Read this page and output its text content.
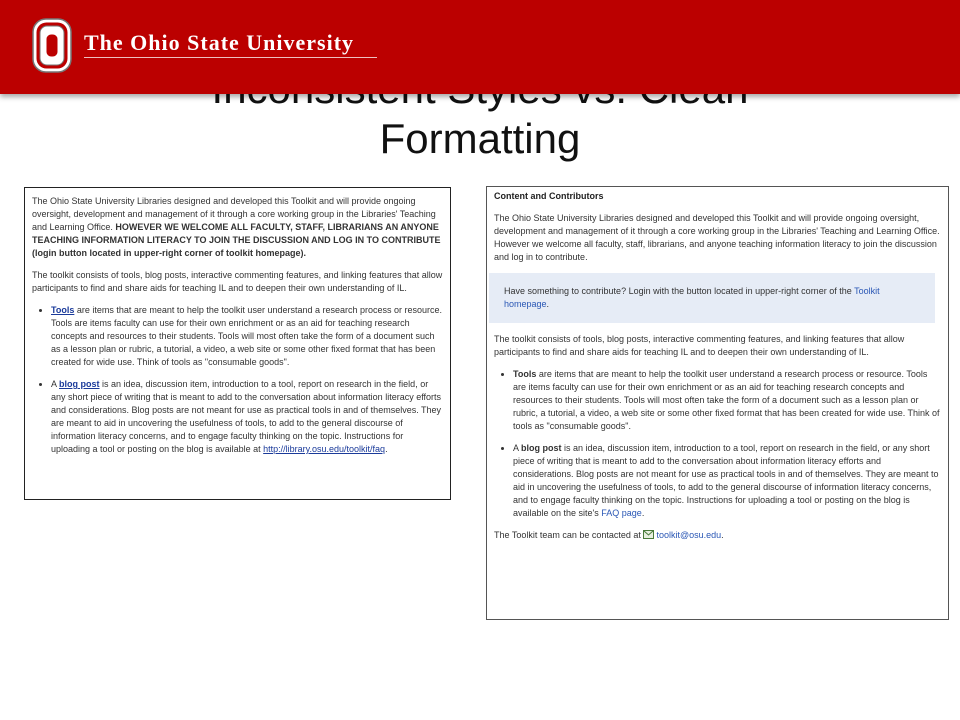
Formatting
The Ohio State University

The Ohio State University Libraries designed and developed this Toolkit and will provide ongoing oversight, development and management of it through a core working group in the Libraries' Teaching and Learning Office. HOWEVER WE WELCOME ALL FACULTY, STAFF, LIBRARIANS AN ANYONE TEACHING INFORMATION LITERACY TO JOIN THE DISCUSSION AND LOG IN TO CONTRIBUTE (login button located in upper-right corner of toolkit homepage).

The toolkit consists of tools, blog posts, interactive commenting features, and linking features that allow participants to find and share aids for teaching IL and to deepen their own understanding of IL.

• Tools are items that are meant to help the toolkit user understand a research process or resource. Tools are items faculty can use for their own enrichment or as an aid for teaching research concepts and resources to their students. Tools will most often take the form of a document such as a lesson plan or rubric, a tutorial, a video, a web site or some other fixed format that has been created for wide use. Think of tools as "consumable goods".
• A blog post is an idea, discussion item, introduction to a tool, report on research in the field, or any short piece of writing that is meant to add to the conversation about information literacy efforts and considerations. Blog posts are not meant for use as practical tools in and of themselves. They are meant to aid in uncovering the usefulness of tools, to add to the general discourse of information literacy concerns, and to engage faculty thinking on the topic. Instructions for uploading a tool or posting on the blog is available at http://library.osu.edu/toolkit/faq.

Content and Contributors

The Ohio State University Libraries designed and developed this Toolkit and will provide ongoing oversight, development and management of it through a core working group in the Libraries' Teaching and Learning Office. However we welcome all faculty, staff, librarians, and anyone teaching information literacy to join the discussion and log in to contribute.

Have something to contribute? Login with the button located in upper-right corner of the Toolkit homepage.

The toolkit consists of tools, blog posts, interactive commenting features, and linking features that allow participants to find and share aids for teaching IL and to deepen their own understanding of IL.

• Tools are items that are meant to help the toolkit user understand a research process or resource. Tools are items faculty can use for their own enrichment or as an aid for teaching research concepts and resources to their students. Tools will most often take the form of a document such as a lesson plan or rubric, a tutorial, a video, a web site or some other fixed format that has been created for wide use. Think of tools as "consumable goods".
• A blog post is an idea, discussion item, introduction to a tool, report on research in the field, or any short piece of writing that is meant to add to the conversation about information literacy efforts and considerations. Blog posts are not meant for use as practical tools in and of themselves. They are meant to aid in uncovering the usefulness of tools, to add to the general discourse of information literacy concerns, and to engage faculty thinking on the topic. Instructions for uploading a tool or posting on the blog is available on the site's FAQ page.

The Toolkit team can be contacted at toolkit@osu.edu.
